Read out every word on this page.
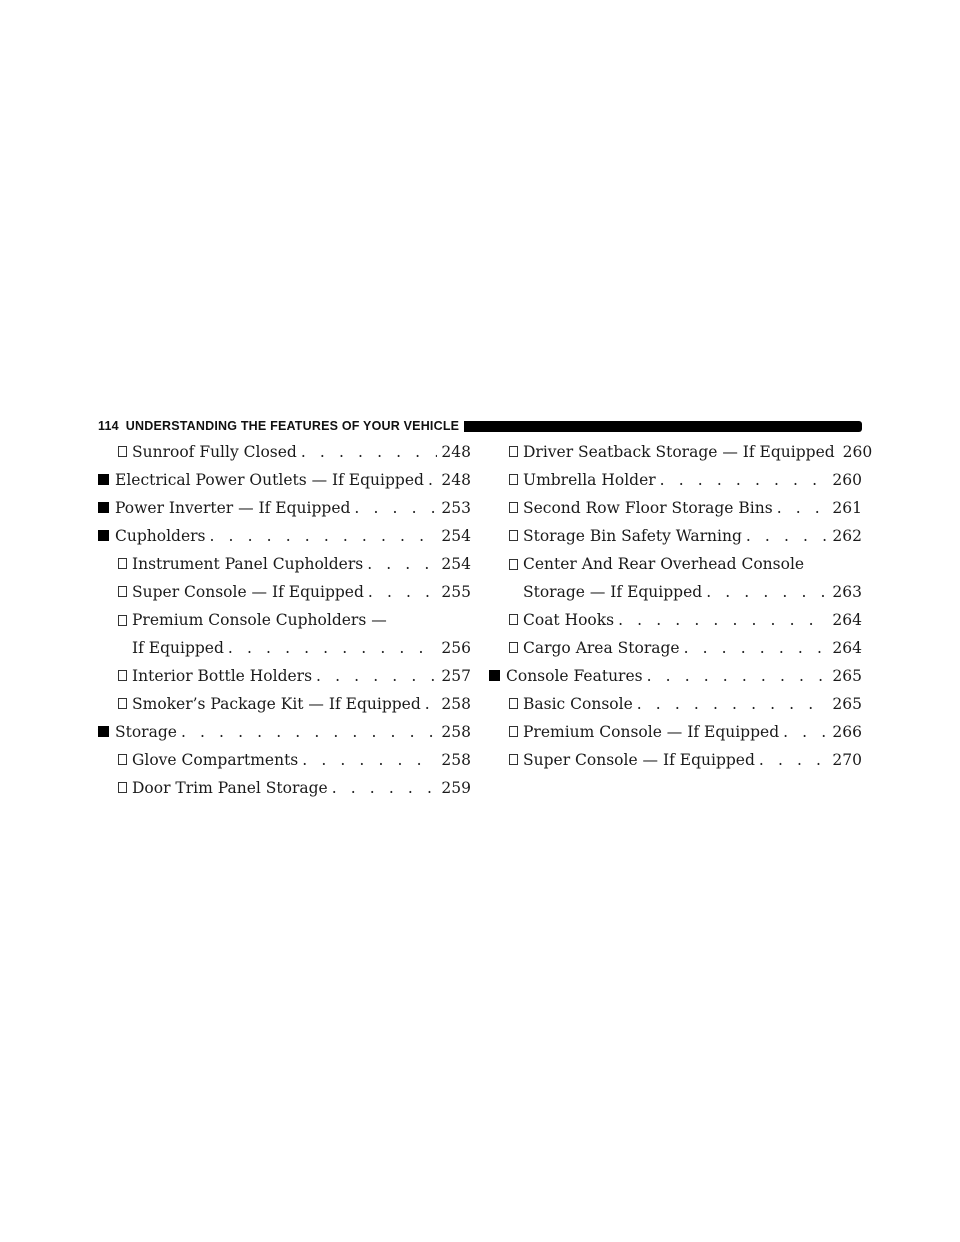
114 UNDERSTANDING THE FEATURES OF YOUR VEHICLE
Sunroof Fully Closed . . .	248
Electrical Power Outlets — If Equipped . . . 248
Power Inverter — If Equipped . . .	253
Cupholders . . .	254
Instrument Panel Cupholders . . .	254
Super Console — If Equipped . . .	255
Premium Console Cupholders —
If Equipped . . .	256
Interior Bottle Holders . . .	257
Smoker’s Package Kit — If Equipped . . . 258
Storage . . .	258
Glove Compartments . . .	258
Door Trim Panel Storage . . .	259
Driver Seatback Storage — If Equipped 260
Umbrella Holder . . .	260
Second Row Floor Storage Bins . . .	261
Storage Bin Safety Warning . . .	262
Center And Rear Overhead Console
Storage — If Equipped . . .	263
Coat Hooks . . .	264
Cargo Area Storage . . .	264
Console Features . . .	265
Basic Console . . .	265
Premium Console — If Equipped . . .	266
Super Console — If Equipped . . .	270
